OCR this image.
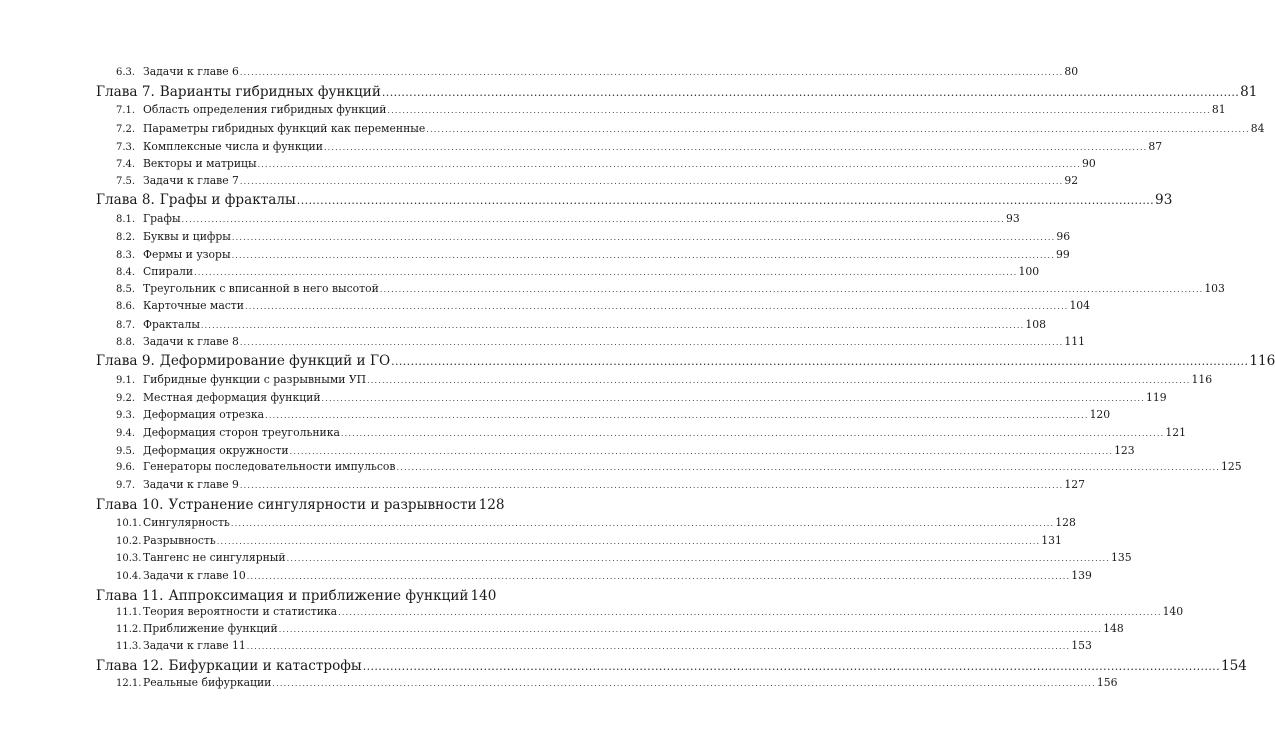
6.3. Задачи к главе 6 ............................................................................................................................................................................................................................ 80
Глава 7. Варианты гибридных функций ............................................................................................................................................................................................................................ 81
7.1. Область определения гибридных функций ............................................................................................................................................................................................................................ 81
7.2. Параметры гибридных функций как переменные ............................................................................................................................................................................................................................ 84
7.3. Комплексные числа и функции ............................................................................................................................................................................................................................ 87
7.4. Векторы и матрицы ............................................................................................................................................................................................................................ 90
7.5. Задачи к главе 7 ............................................................................................................................................................................................................................ 92
Глава 8. Графы и фракталы ............................................................................................................................................................................................................................ 93
8.1. Графы ............................................................................................................................................................................................................................ 93
8.2. Буквы и цифры ............................................................................................................................................................................................................................ 96
8.3. Фермы и узоры ............................................................................................................................................................................................................................ 99
8.4. Спирали ............................................................................................................................................................................................................................ 100
8.5. Треугольник с вписанной в него высотой ............................................................................................................................................................................................................................ 103
8.6. Карточные масти ............................................................................................................................................................................................................................ 104
8.7. Фракталы ............................................................................................................................................................................................................................ 108
8.8. Задачи к главе 8 ............................................................................................................................................................................................................................ 111
Глава 9. Деформирование функций и ГО ............................................................................................................................................................................................................................ 116
9.1. Гибридные функции с разрывными УП ............................................................................................................................................................................................................................ 116
9.2. Местная деформация функций ............................................................................................................................................................................................................................ 119
9.3. Деформация отрезка ............................................................................................................................................................................................................................ 120
9.4. Деформация сторон треугольника ............................................................................................................................................................................................................................ 121
9.5. Деформация окружности ............................................................................................................................................................................................................................ 123
9.6. Генераторы последовательности импульсов ............................................................................................................................................................................................................................ 125
9.7. Задачи к главе 9 ............................................................................................................................................................................................................................ 127
Глава 10. Устранение сингулярности и разрывности 128
10.1. Сингулярность ............................................................................................................................................................................................................................ 128
10.2. Разрывность ............................................................................................................................................................................................................................ 131
10.3. Тангенс не сингулярный ............................................................................................................................................................................................................................ 135
10.4. Задачи к главе 10 ............................................................................................................................................................................................................................ 139
Глава 11. Аппроксимация и приближение функций 140
11.1. Теория вероятности и статистика ............................................................................................................................................................................................................................ 140
11.2. Приближение функций ............................................................................................................................................................................................................................ 148
11.3. Задачи к главе 11 ............................................................................................................................................................................................................................ 153
Глава 12. Бифуркации и катастрофы ............................................................................................................................................................................................................................ 154
12.1. Реальные бифуркации ............................................................................................................................................................................................................................ 156
